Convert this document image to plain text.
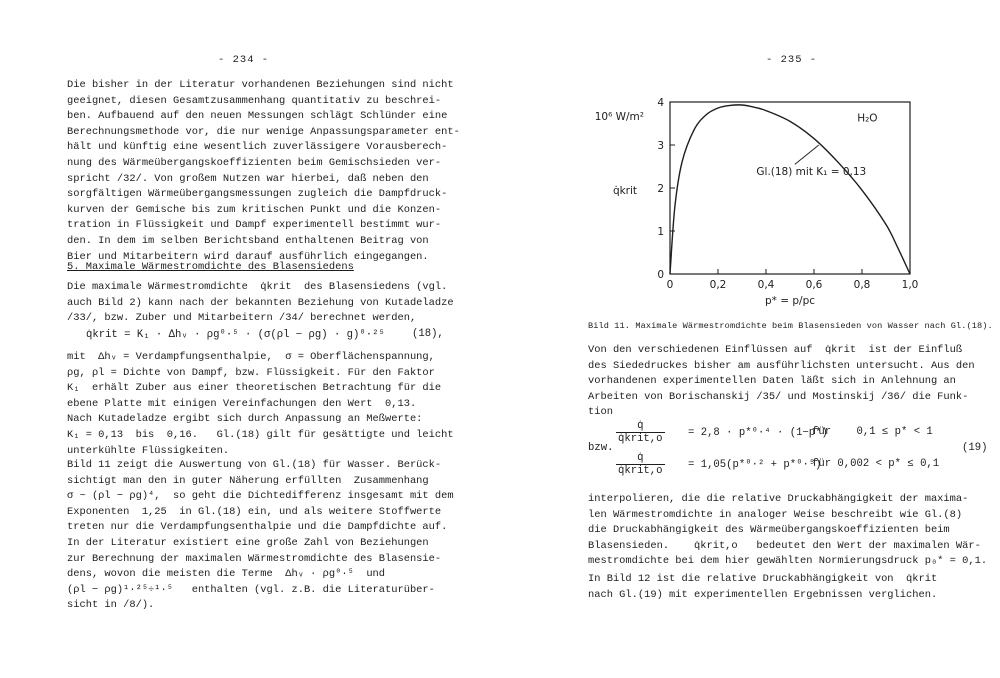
- 234 -
Die bisher in der Literatur vorhandenen Beziehungen sind nicht
geeignet, diesen Gesamtzusammenhang quantitativ zu beschrei-
ben. Aufbauend auf den neuen Messungen schlägt Schlünder eine
Berechnungsmethode vor, die nur wenige Anpassungsparameter ent-
hält und künftig eine wesentlich zuverlässigere Vorausberech-
nung des Wärmeübergangskoeffizienten beim Gemischsieden ver-
spricht /32/. Von großem Nutzen war hierbei, daß neben den
sorgfältigen Wärmeübergangsmessungen zugleich die Dampfdruck-
kurven der Gemische bis zum kritischen Punkt und die Konzen-
tration in Flüssigkeit und Dampf experimentell bestimmt wur-
den. In dem im selben Berichtsband enthaltenen Beitrag von
Bier und Mitarbeitern wird darauf ausführlich eingegangen.
5. Maximale Wärmestromdichte des Blasensiedens
Die maximale Wärmestromdichte  q̇krit  des Blasensiedens (vgl.
auch Bild 2) kann nach der bekannten Beziehung von Kutadeladze
/33/, bzw. Zuber und Mitarbeitern /34/ berechnet werden,
q̇krit = K₁ · Δhᵥ · ρg⁰·⁵ · (σ(ρl − ρg) · g)⁰·²⁵	(18),
mit  Δhᵥ = Verdampfungsenthalpie,  σ = Oberflächenspannung,
ρg, ρl = Dichte von Dampf, bzw. Flüssigkeit. Für den Faktor
K₁  erhält Zuber aus einer theoretischen Betrachtung für die
ebene Platte mit einigen Vereinfachungen den Wert  0,13.
Nach Kutadeladze ergibt sich durch Anpassung an Meßwerte:
K₁ = 0,13  bis  0,16.   Gl.(18) gilt für gesättigte und leicht
unterkühlte Flüssigkeiten.
Bild 11 zeigt die Auswertung von Gl.(18) für Wasser. Berück-
sichtigt man den in guter Näherung erfüllten  Zusammenhang
σ ~ (ρl − ρg)⁴,  so geht die Dichtedifferenz insgesamt mit dem
Exponenten  1,25  in Gl.(18) ein, und als weitere Stoffwerte
treten nur die Verdampfungsenthalpie und die Dampfdichte auf.
In der Literatur existiert eine große Zahl von Beziehungen
zur Berechnung der maximalen Wärmestromdichte des Blasensie-
dens, wovon die meisten die Terme  Δhᵥ · ρg⁰·⁵  und
(ρl − ρg)¹·²⁵÷¹·⁵   enthalten (vgl. z.B. die Literaturüber-
sicht in /8/).
- 235 -
0	0,2	0,4	0,6	0,8	1,0
0
1
2
3
4
Gl.(18) mit K₁ = 0,13
H₂O
10⁶ W/m²
q̇krit
p* = p/pc
Bild 11. Maximale Wärmestromdichte beim Blasensieden von Wasser nach Gl.(18).
Von den verschiedenen Einflüssen auf  q̇krit  ist der Einfluß
des Siededruckes bisher am ausführlichsten untersucht. Aus den
vorhandenen experimentellen Daten läßt sich in Anlehnung an
Arbeiten von Borischanskij /35/ und Mostinskij /36/ die Funk-
tion
q̇
q̇krit,o = 2,8 · p*⁰·⁴ · (1−p*)
für    0,1 ≤ p* < 1
bzw.	(19)
q̇
q̇krit,o = 1,05(p*⁰·² + p*⁰·⁵)
für 0,002 < p* ≤ 0,1
interpolieren, die die relative Druckabhängigkeit der maxima-
len Wärmestromdichte in analoger Weise beschreibt wie Gl.(8)
die Druckabhängigkeit des Wärmeübergangskoeffizienten beim
Blasensieden.    q̇krit,o   bedeutet den Wert der maximalen Wär-
mestromdichte bei dem hier gewählten Normierungsdruck p₀* = 0,1.
In Bild 12 ist die relative Druckabhängigkeit von  q̇krit
nach Gl.(19) mit experimentellen Ergebnissen verglichen.
